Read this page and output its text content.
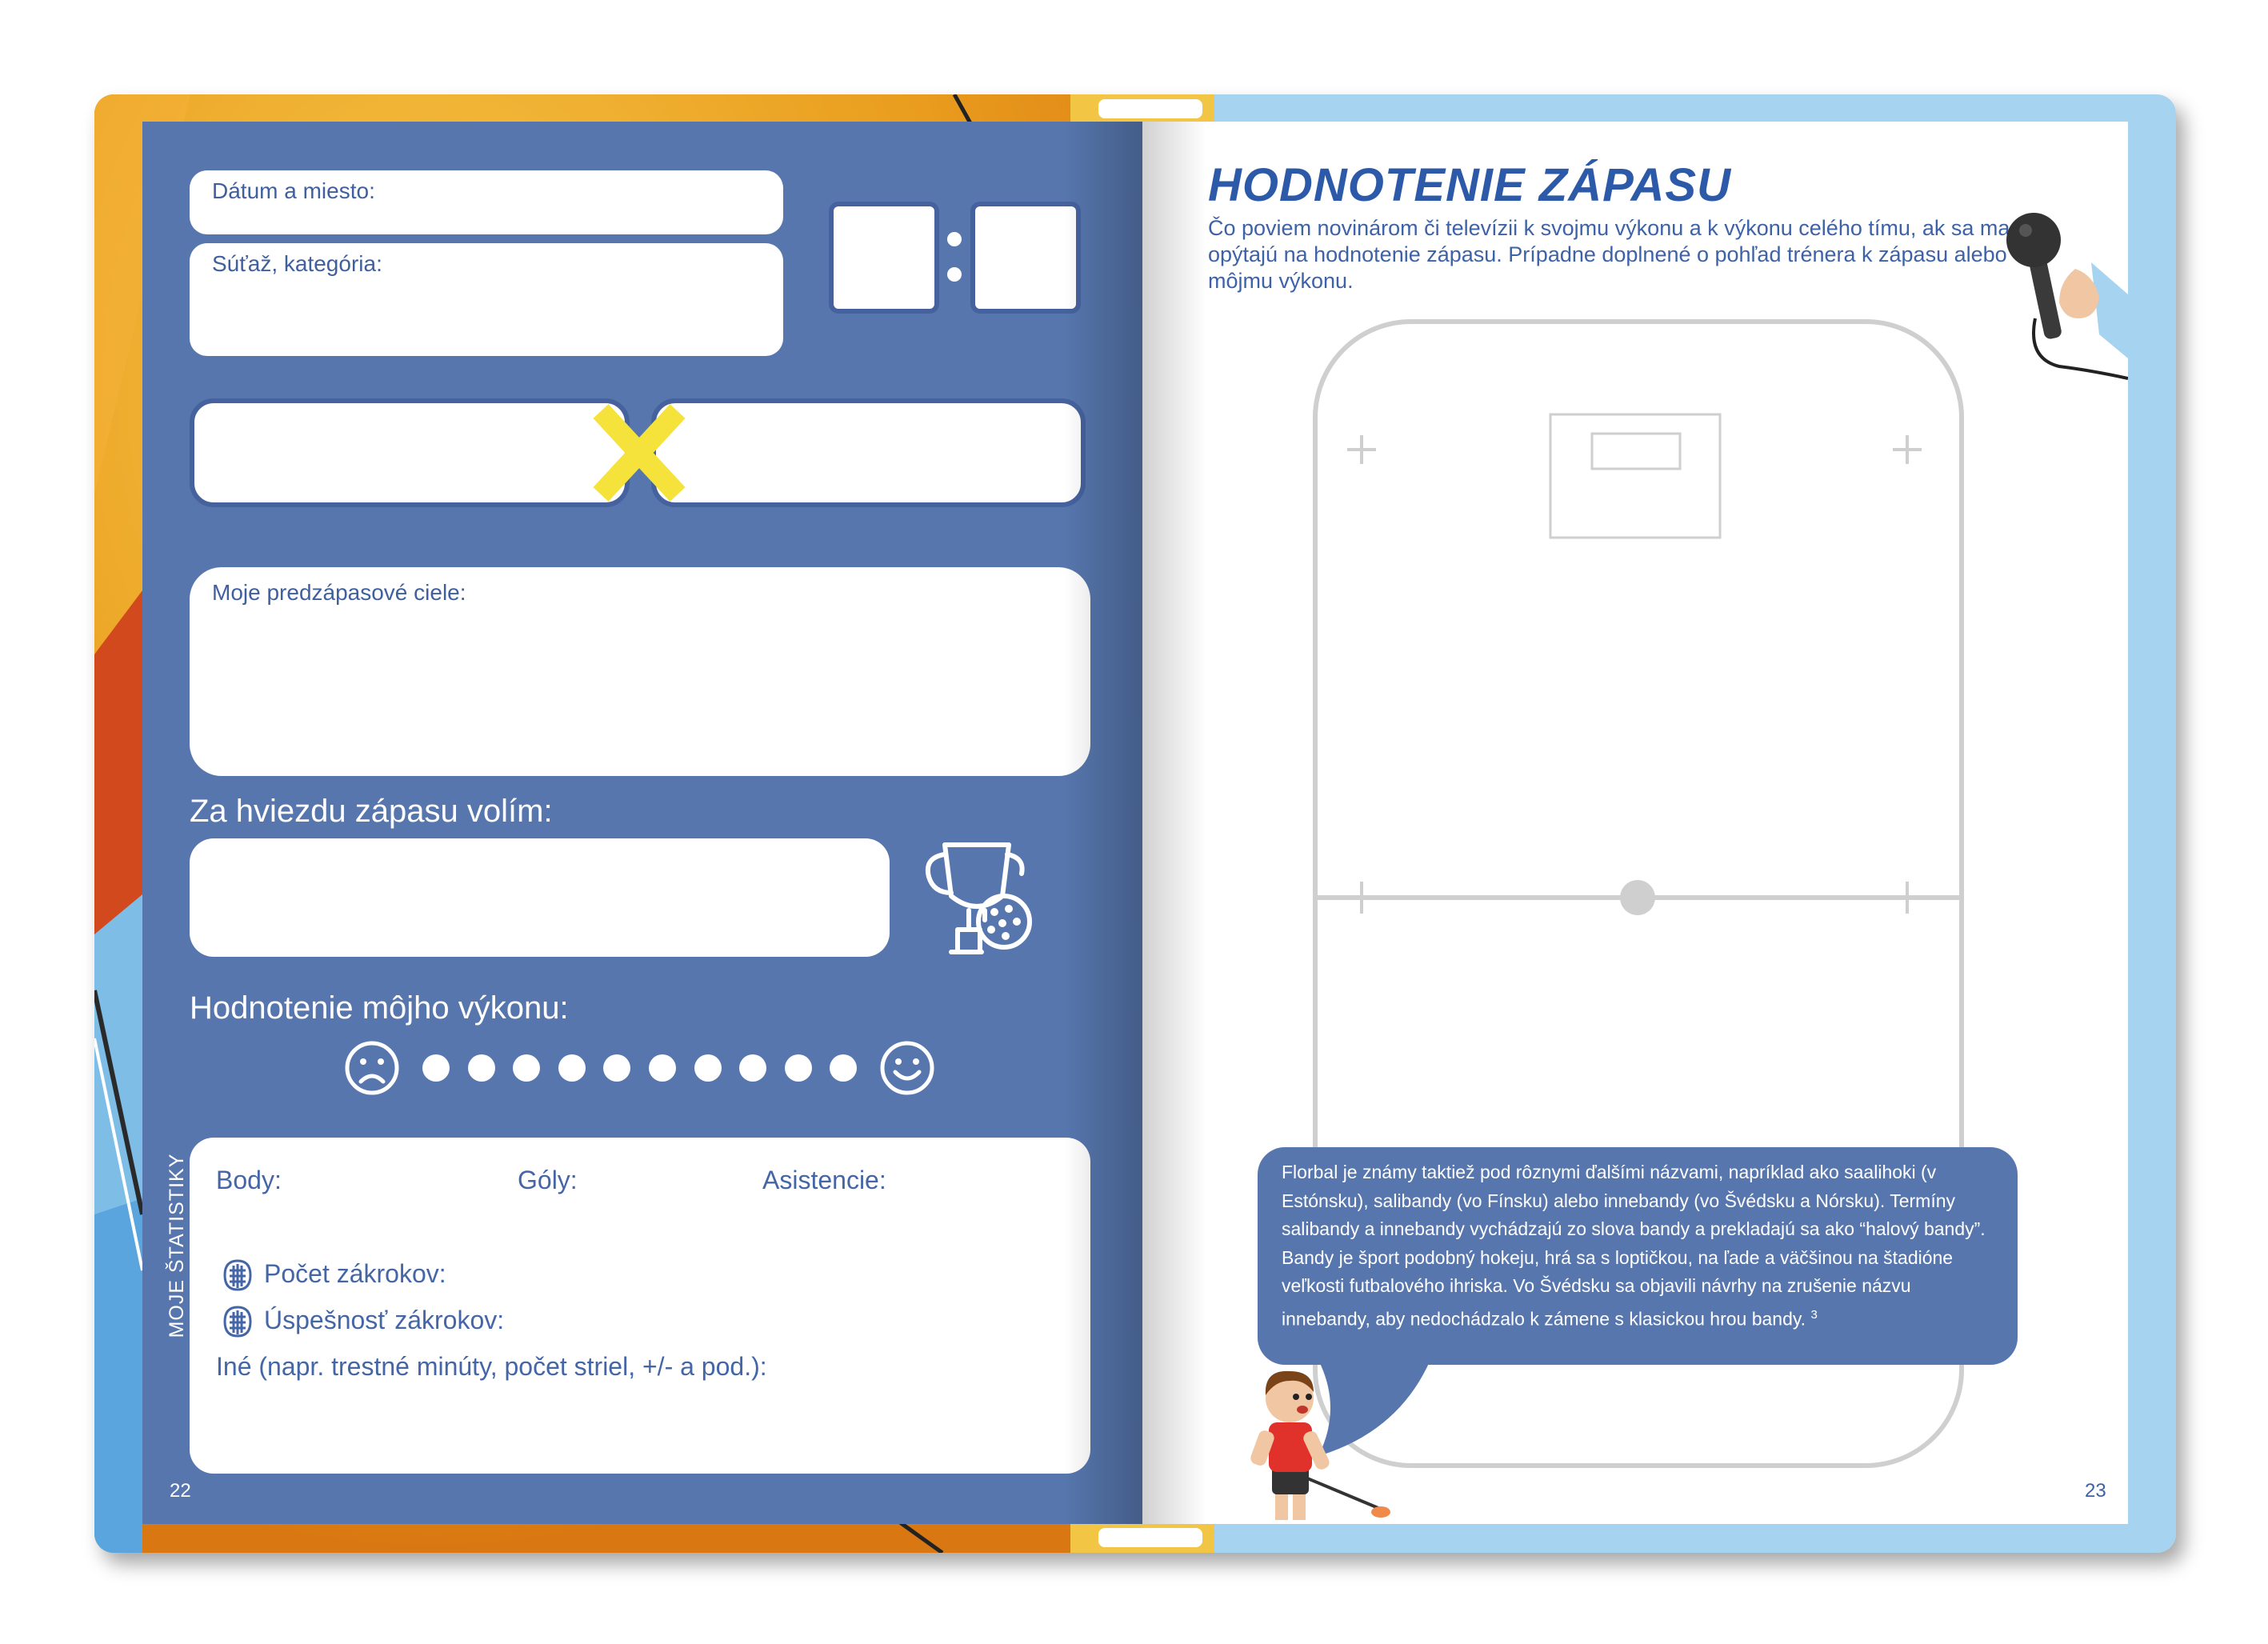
Dátum a miesto:
Súťaž, kategória:
Moje predzápasové ciele:
Za hviezdu zápasu volím:
Hodnotenie môjho výkonu:
Body:	Góly:	Asistencie:
Počet zákrokov:
Úspešnosť zákrokov:
Iné (napr. trestné minúty, počet striel, +/- a pod.):
MOJE ŠTATISTIKY
22
HODNOTENIE ZÁPASU
Čo poviem novinárom či televízii k svojmu výkonu a k výkonu celého tímu, ak sa ma opýtajú na hodnotenie zápasu. Prípadne doplnené o pohľad trénera k zápasu alebo môjmu výkonu.
Florbal je známy taktiež pod rôznymi ďalšími názvami, napríklad ako saalihoki (v Estónsku), salibandy (vo Fínsku) alebo innebandy (vo Švédsku a Nórsku). Termíny salibandy a innebandy vychádzajú zo slova bandy a prekladajú sa ako “halový bandy”. Bandy je šport podobný hokeju, hrá sa s loptičkou, na ľade a väčšinou na štadióne veľkosti futbalového ihriska. Vo Švédsku sa objavili návrhy na zrušenie názvu innebandy, aby nedochádzalo k zámene s klasickou hrou bandy. $^3$
23
